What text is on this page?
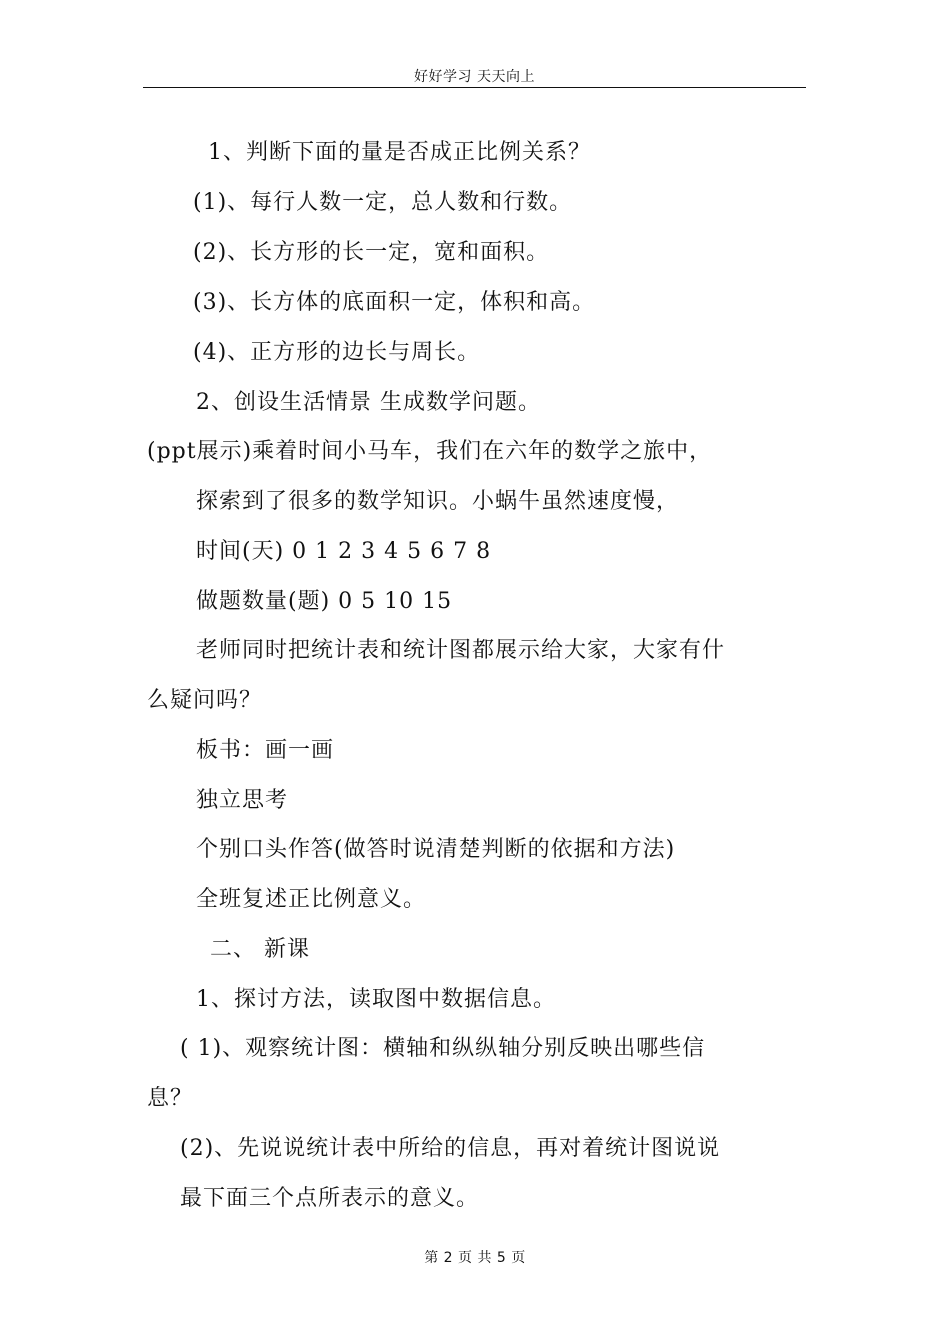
好好学习 天天向上
1、判断下面的量是否成正比例关系？
(1)、每行人数一定，总人数和行数。
(2)、长方形的长一定，宽和面积。
(3)、长方体的底面积一定，体积和高。
(4)、正方形的边长与周长。
2、创设生活情景 生成数学问题。
(ppt展示)乘着时间小马车，我们在六年的数学之旅中，
探索到了很多的数学知识。小蜗牛虽然速度慢，
时间(天) 0 1 2 3 4 5 6 7 8
做题数量(题) 0 5 10 15
老师同时把统计表和统计图都展示给大家，大家有什
么疑问吗？
板书：画一画
独立思考
个别口头作答(做答时说清楚判断的依据和方法)
全班复述正比例意义。
二、 新课
1、探讨方法，读取图中数据信息。
( 1)、观察统计图：横轴和纵纵轴分别反映出哪些信
息？
(2)、先说说统计表中所给的信息，再对着统计图说说
最下面三个点所表示的意义。
第 2 页 共 5 页
